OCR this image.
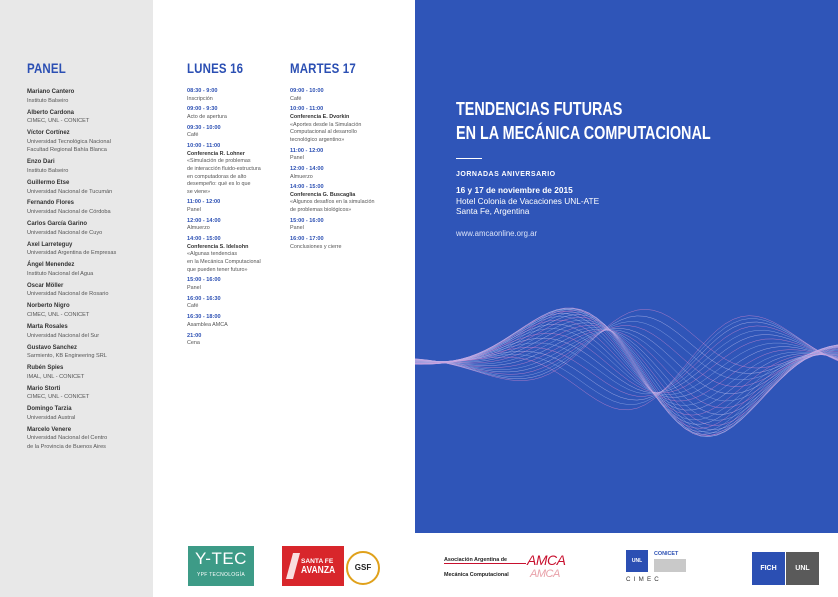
PANEL
Mariano Cantero
Instituto Balseiro
Alberto Cardona
CIMEC, UNL - CONICET
Víctor Cortínez
Universidad Tecnológica Nacional
Facultad Regional Bahía Blanca
Enzo Dari
Instituto Balseiro
Guillermo Etse
Universidad Nacional de Tucumán
Fernando Flores
Universidad Nacional de Córdoba
Carlos García Garino
Universidad Nacional de Cuyo
Axel Larreteguy
Universidad Argentina de Empresas
Ángel Menendez
Instituto Nacional del Agua
Oscar Möller
Universidad Nacional de Rosario
Norberto Nigro
CIMEC, UNL - CONICET
Marta Rosales
Universidad Nacional del Sur
Gustavo Sanchez
Sarmiento, KB Engineering SRL
Rubén Spies
IMAL, UNL - CONICET
Mario Storti
CIMEC, UNL - CONICET
Domingo Tarzia
Universidad Austral
Marcelo Venere
Universidad Nacional del Centro
de la Provincia de Buenos Aires
LUNES 16
08:30 - 9:00
Inscripción
09:00 - 9:30
Acto de apertura
09:30 - 10:00
Café
10:00 - 11:00
Conferencia R. Lohner
«Simulación de problemas
de interacción fluido-estructura
en computadoras de alto
desempeño: qué es lo que
se viene»
11:00 - 12:00
Panel
12:00 - 14:00
Almuerzo
14:00 - 15:00
Conferencia S. Idelsohn
«Algunas tendencias
en la Mecánica Computacional
que pueden tener futuro»
15:00 - 16:00
Panel
16:00 - 16:30
Café
16:30 - 18:00
Asamblea AMCA
21:00
Cena
MARTES 17
09:00 - 10:00
Café
10:00 - 11:00
Conferencia E. Dvorkin
«Aportes desde la Simulación
Computacional al desarrollo
tecnológico argentino»
11:00 - 12:00
Panel
12:00 - 14:00
Almuerzo
14:00 - 15:00
Conferencia G. Buscaglia
«Algunos desafíos en la simulación
de problemas biológicos»
15:00 - 16:00
Panel
16:00 - 17:00
Conclusiones y cierre
TENDENCIAS FUTURAS
EN LA MECÁNICA COMPUTACIONAL
JORNADAS ANIVERSARIO
16 y 17 de noviembre de 2015
Hotel Colonia de Vacaciones UNL-ATE
Santa Fe, Argentina
www.amcaonline.org.ar
Y-TEC
YPF TECNOLOGÍA
SANTA FE
AVANZA	GSF
Asociación Argentina de
Mecánica Computacional
AMCA
AMCA
UNL
CONICET
CIMEC
FICH	UNL
